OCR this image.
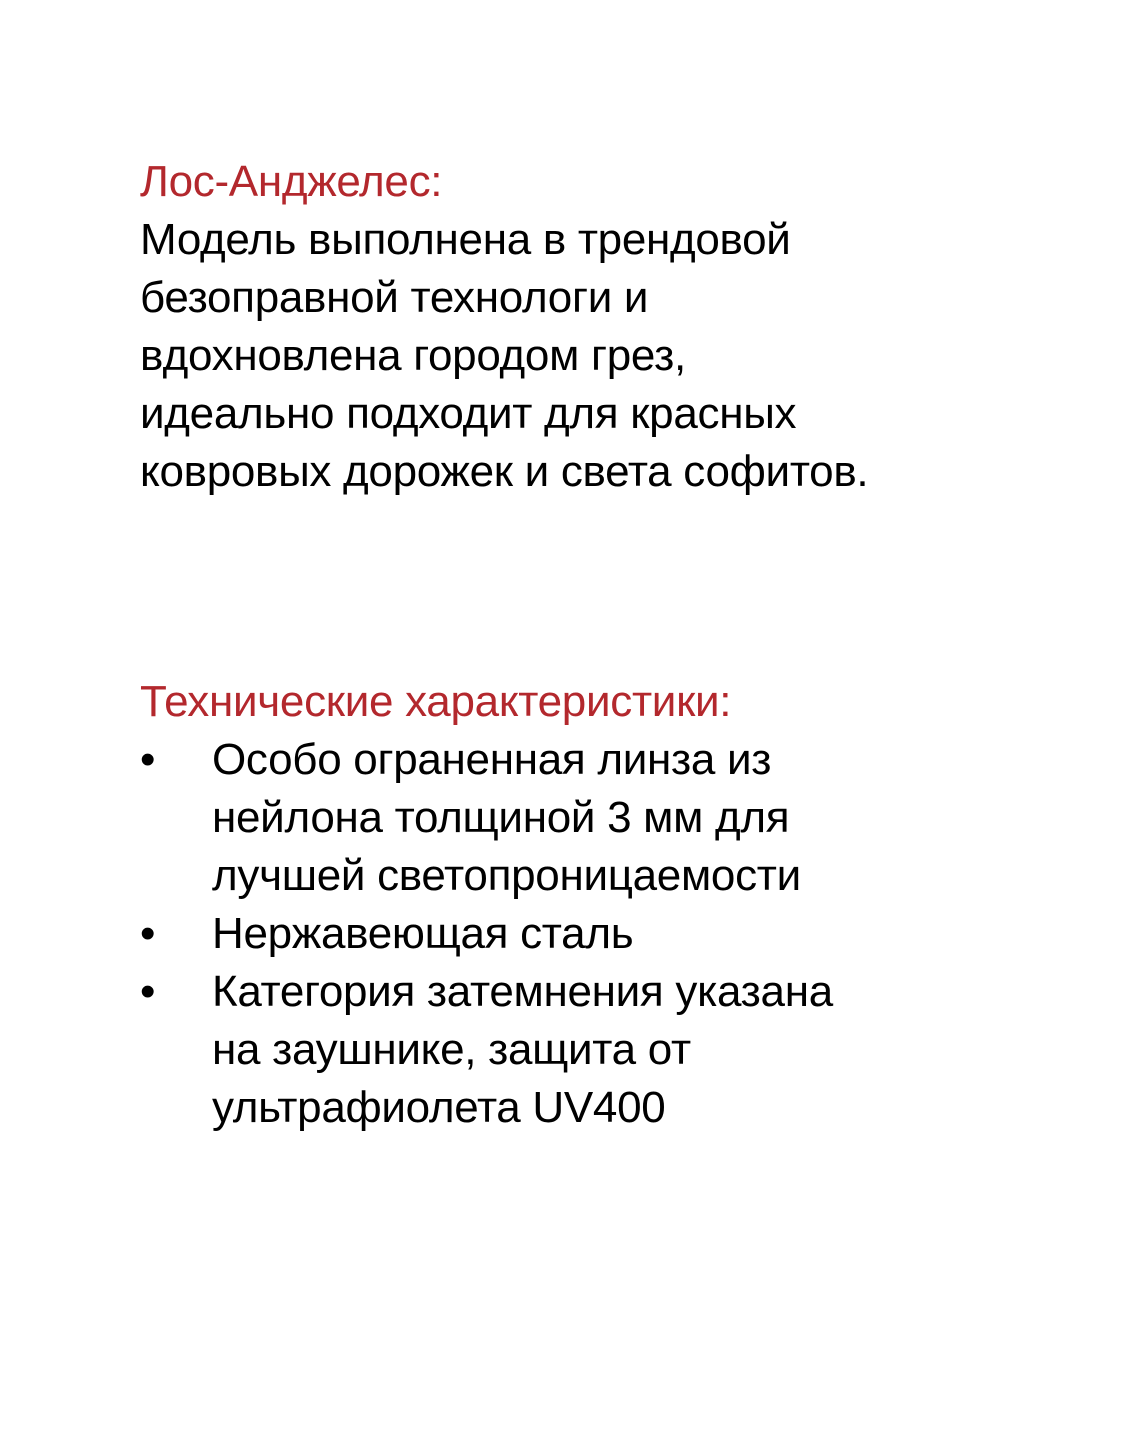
Лос-Анджелес:
Модель выполнена в трендовой
безоправной технологи и
вдохновлена городом грез,
идеально подходит для красных
ковровых дорожек и света софитов.
Технические характеристики:
• Особо ограненная линза из
нейлона толщиной 3 мм для
лучшей светопроницаемости
• Нержавеющая сталь
• Категория затемнения указана
на заушнике, защита от
ультрафиолета UV400
